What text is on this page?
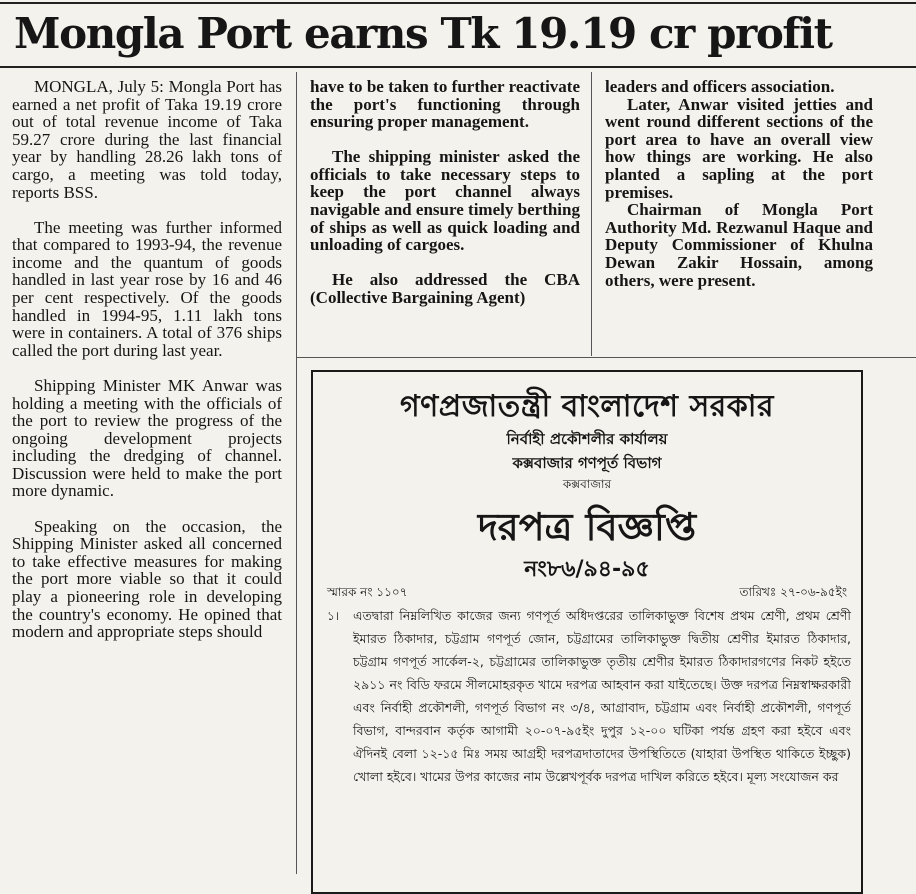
Mongla Port earns Tk 19.19 cr profit

MONGLA, July 5: Mongla Port has earned a net profit of Taka 19.19 crore out of total revenue income of Taka 59.27 crore during the last financial year by handling 28.26 lakh tons of cargo, a meeting was told today, reports BSS.

The meeting was further informed that compared to 1993-94, the revenue income and the quantum of goods handled in last year rose by 16 and 46 per cent respectively. Of the goods handled in 1994-95, 1.11 lakh tons were in containers. A total of 376 ships called the port during last year.

Shipping Minister MK Anwar was holding a meeting with the officials of the port to review the progress of the ongoing development projects including the dredging of channel. Discussion were held to make the port more dynamic.

Speaking on the occasion, the Shipping Minister asked all concerned to take effective measures for making the port more viable so that it could play a pioneering role in developing the country's economy. He opined that modern and appropriate steps should

have to be taken to further reactivate the port's functioning through ensuring proper management.

The shipping minister asked the officials to take necessary steps to keep the port channel always navigable and ensure timely berthing of ships as well as quick loading and unloading of cargoes.

He also addressed the CBA (Collective Bargaining Agent)

leaders and officers association.

Later, Anwar visited jetties and went round different sections of the port area to have an overall view how things are working. He also planted a sapling at the port premises.

Chairman of Mongla Port Authority Md. Rezwanul Haque and Deputy Commissioner of Khulna Dewan Zakir Hossain, among others, were present.

গণপ্রজাতন্ত্রী বাংলাদেশ সরকার
নির্বাহী প্রকৌশলীর কার্যালয়
কক্সবাজার গণপূর্ত বিভাগ
কক্সবাজার
দরপত্র বিজ্ঞপ্তি
নং৮৬/৯৪-৯৫
স্মারক নং ১১০৭	তারিখঃ ২৭-০৬-৯৫ইং
১। এতদ্বারা নিম্নলিখিত কাজের জন্য গণপূর্ত অধিদপ্তরের তালিকাভুক্ত বিশেষ প্রথম শ্রেণী, প্রথম শ্রেণী ইমারত ঠিকাদার, চট্টগ্রাম গণপূর্ত জোন, চট্টগ্রামের তালিকাভুক্ত দ্বিতীয় শ্রেণীর ইমারত ঠিকাদার, চট্টগ্রাম গণপূর্ত সার্কেল-২, চট্টগ্রামের তালিকাভুক্ত তৃতীয় শ্রেণীর ইমারত ঠিকাদারগণের নিকট হইতে ২৯১১ নং বিডি ফরমে সীলমোহরকৃত খামে দরপত্র আহবান করা যাইতেছে। উক্ত দরপত্র নিম্নস্বাক্ষরকারী এবং নির্বাহী প্রকৌশলী, গণপূর্ত বিভাগ নং ৩/৪, আগ্রাবাদ, চট্টগ্রাম এবং নির্বাহী প্রকৌশলী, গণপূর্ত বিভাগ, বান্দরবান কর্তৃক আগামী ২০-০৭-৯৫ইং দুপুর ১২-০০ ঘটিকা পর্যন্ত গ্রহণ করা হইবে এবং ঐদিনই বেলা ১২-১৫ মিঃ সময় আগ্রহী দরপত্রদাতাদের উপস্থিতিতে (যাহারা উপস্থিত থাকিতে ইচ্ছুক) খোলা হইবে। খামের উপর কাজের নাম উল্লেখপূর্বক দরপত্র দাখিল করিতে হইবে। মূল্য সংযোজন কর
